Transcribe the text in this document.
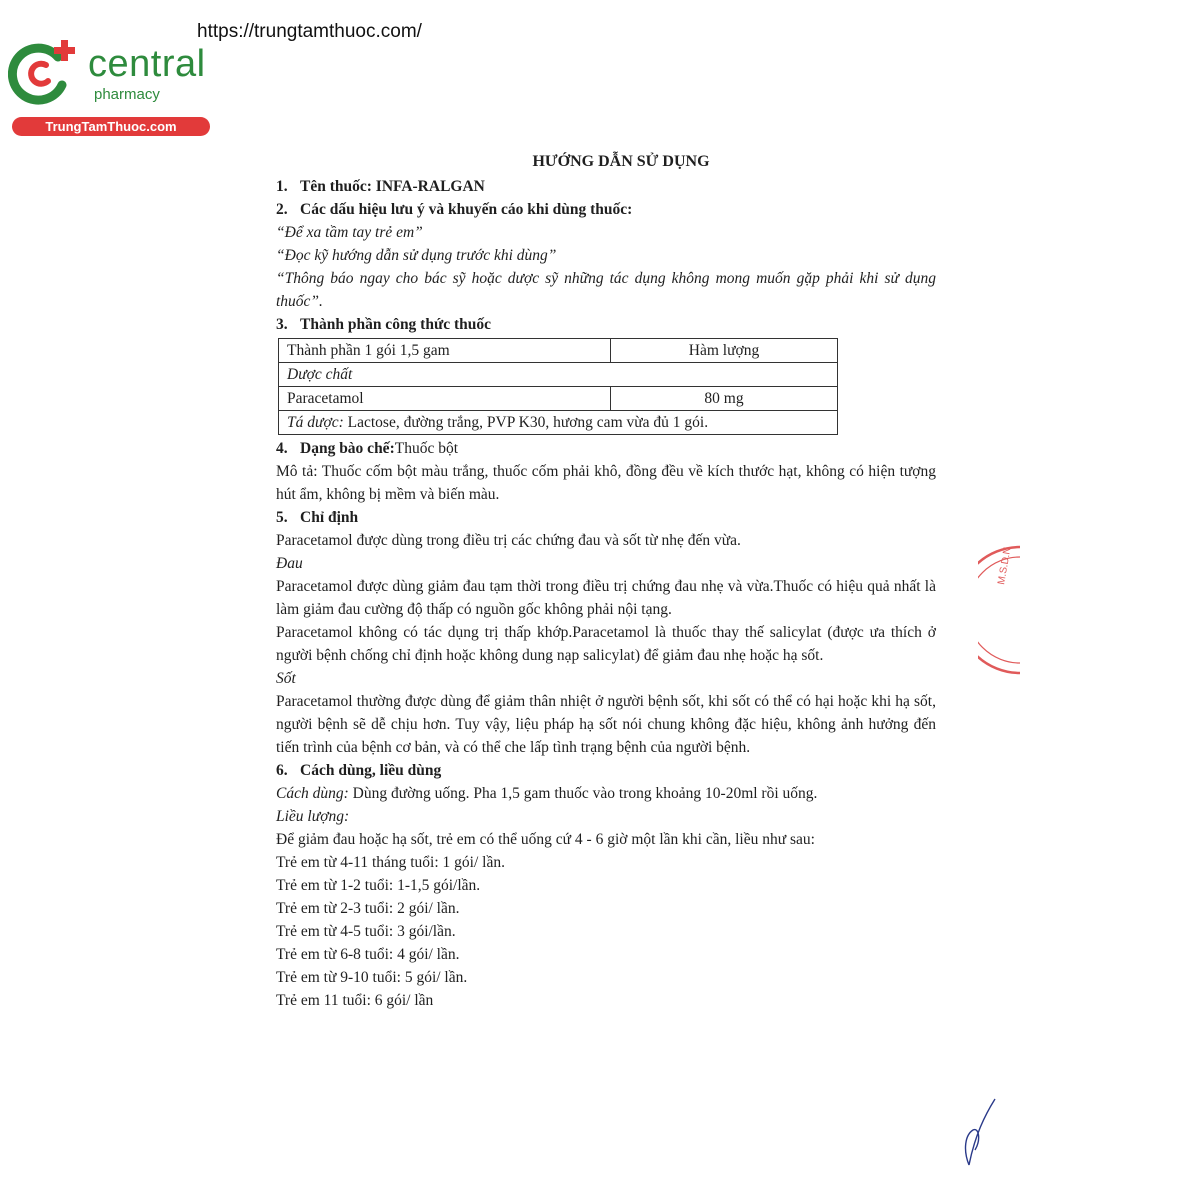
https://trungtamthuoc.com/
central
pharmacy
TrungTamThuoc.com

HƯỚNG DẪN SỬ DỤNG

1. Tên thuốc: INFA-RALGAN

2. Các dấu hiệu lưu ý và khuyến cáo khi dùng thuốc:

“Để xa tầm tay trẻ em”

“Đọc kỹ hướng dẫn sử dụng trước khi dùng”

“Thông báo ngay cho bác sỹ hoặc dược sỹ những tác dụng không mong muốn gặp phải khi sử dụng thuốc”.

3. Thành phần công thức thuốc

Thành phần 1 gói 1,5 gam	Hàm lượng
Dược chất	
Paracetamol	80 mg
Tá dược: Lactose, đường trắng, PVP K30, hương cam vừa đủ 1 gói.	

4. Dạng bào chế:Thuốc bột

Mô tả: Thuốc cốm bột màu trắng, thuốc cốm phải khô, đồng đều về kích thước hạt, không có hiện tượng hút ẩm, không bị mềm và biến màu.

5. Chỉ định

Paracetamol được dùng trong điều trị các chứng đau và sốt từ nhẹ đến vừa.

Đau

Paracetamol được dùng giảm đau tạm thời trong điều trị chứng đau nhẹ và vừa.Thuốc có hiệu quả nhất là làm giảm đau cường độ thấp có nguồn gốc không phải nội tạng.

Paracetamol không có tác dụng trị thấp khớp.Paracetamol là thuốc thay thế salicylat (được ưa thích ở người bệnh chống chỉ định hoặc không dung nạp salicylat) để giảm đau nhẹ hoặc hạ sốt.

Sốt

Paracetamol thường được dùng để giảm thân nhiệt ở người bệnh sốt, khi sốt có thể có hại hoặc khi hạ sốt, người bệnh sẽ dễ chịu hơn. Tuy vậy, liệu pháp hạ sốt nói chung không đặc hiệu, không ảnh hưởng đến tiến trình của bệnh cơ bản, và có thể che lấp tình trạng bệnh của người bệnh.

6. Cách dùng, liều dùng

Cách dùng: Dùng đường uống. Pha 1,5 gam thuốc vào trong khoảng 10-20ml rồi uống.

Liều lượng:

Để giảm đau hoặc hạ sốt, trẻ em có thể uống cứ 4 - 6 giờ một lần khi cần, liều như sau:

Trẻ em từ 4-11 tháng tuổi: 1 gói/ lần.

Trẻ em từ 1-2 tuổi: 1-1,5 gói/lần.

Trẻ em từ 2-3 tuổi: 2 gói/ lần.

Trẻ em từ 4-5 tuổi: 3 gói/lần.

Trẻ em từ 6-8 tuổi: 4 gói/ lần.

Trẻ em từ 9-10 tuổi: 5 gói/ lần.

Trẻ em 11 tuổi: 6 gói/ lần

M.S.D.N
